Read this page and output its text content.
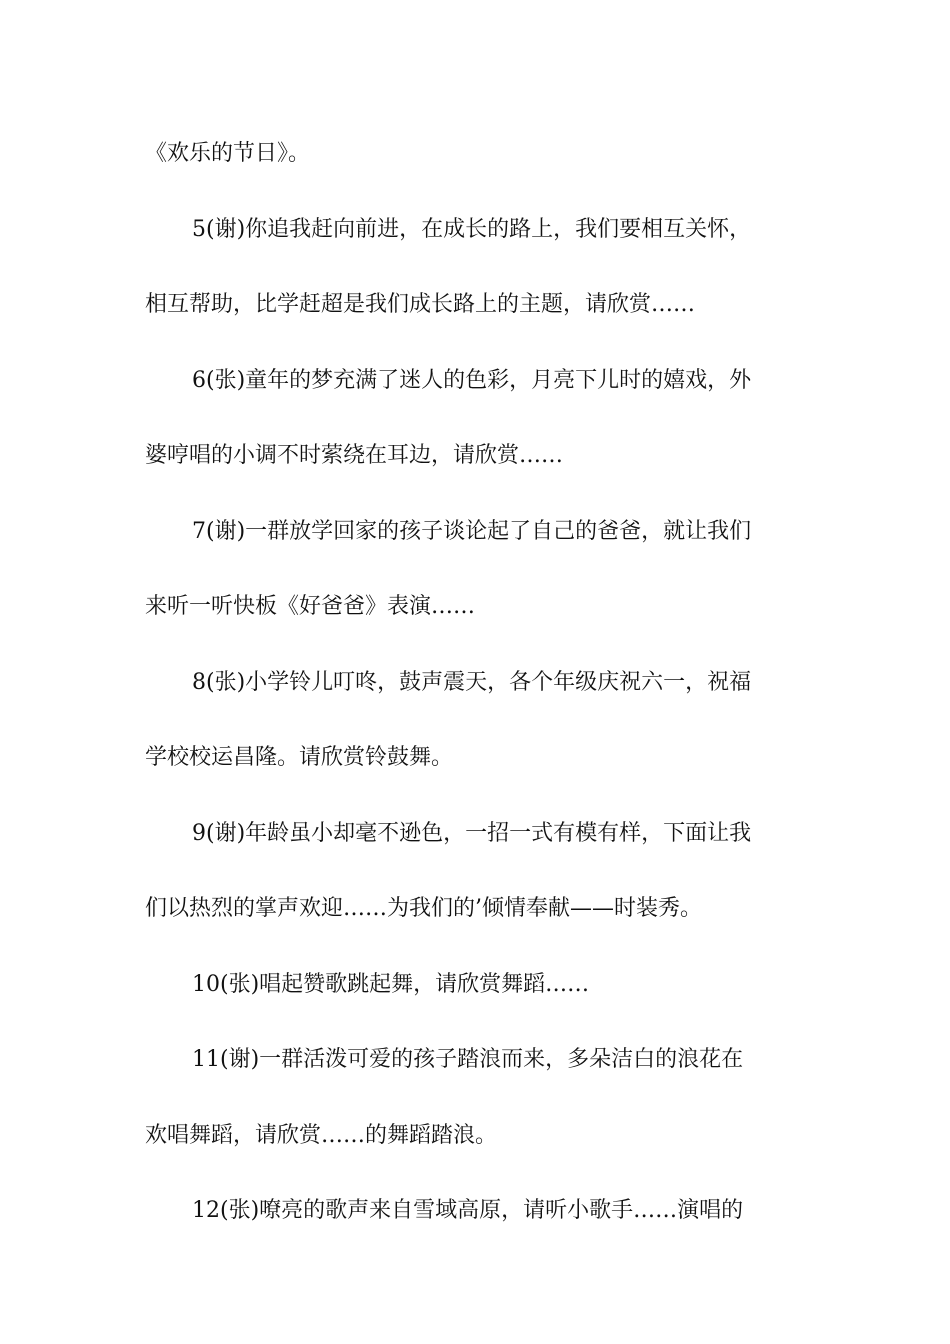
《欢乐的节日》。
5(谢)你追我赶向前进，在成长的路上，我们要相互关怀，
相互帮助，比学赶超是我们成长路上的主题，请欣赏……
6(张)童年的梦充满了迷人的色彩，月亮下儿时的嬉戏，外
婆哼唱的小调不时萦绕在耳边，请欣赏……
7(谢)一群放学回家的孩子谈论起了自己的爸爸，就让我们
来听一听快板《好爸爸》表演……
8(张)小学铃儿叮咚，鼓声震天，各个年级庆祝六一，祝福
学校校运昌隆。请欣赏铃鼓舞。
9(谢)年龄虽小却毫不逊色，一招一式有模有样，下面让我
们以热烈的掌声欢迎……为我们的’倾情奉献——时装秀。
10(张)唱起赞歌跳起舞，请欣赏舞蹈……
11(谢)一群活泼可爱的孩子踏浪而来，多朵洁白的浪花在
欢唱舞蹈，请欣赏……的舞蹈踏浪。
12(张)嘹亮的歌声来自雪域高原，请听小歌手……演唱的
